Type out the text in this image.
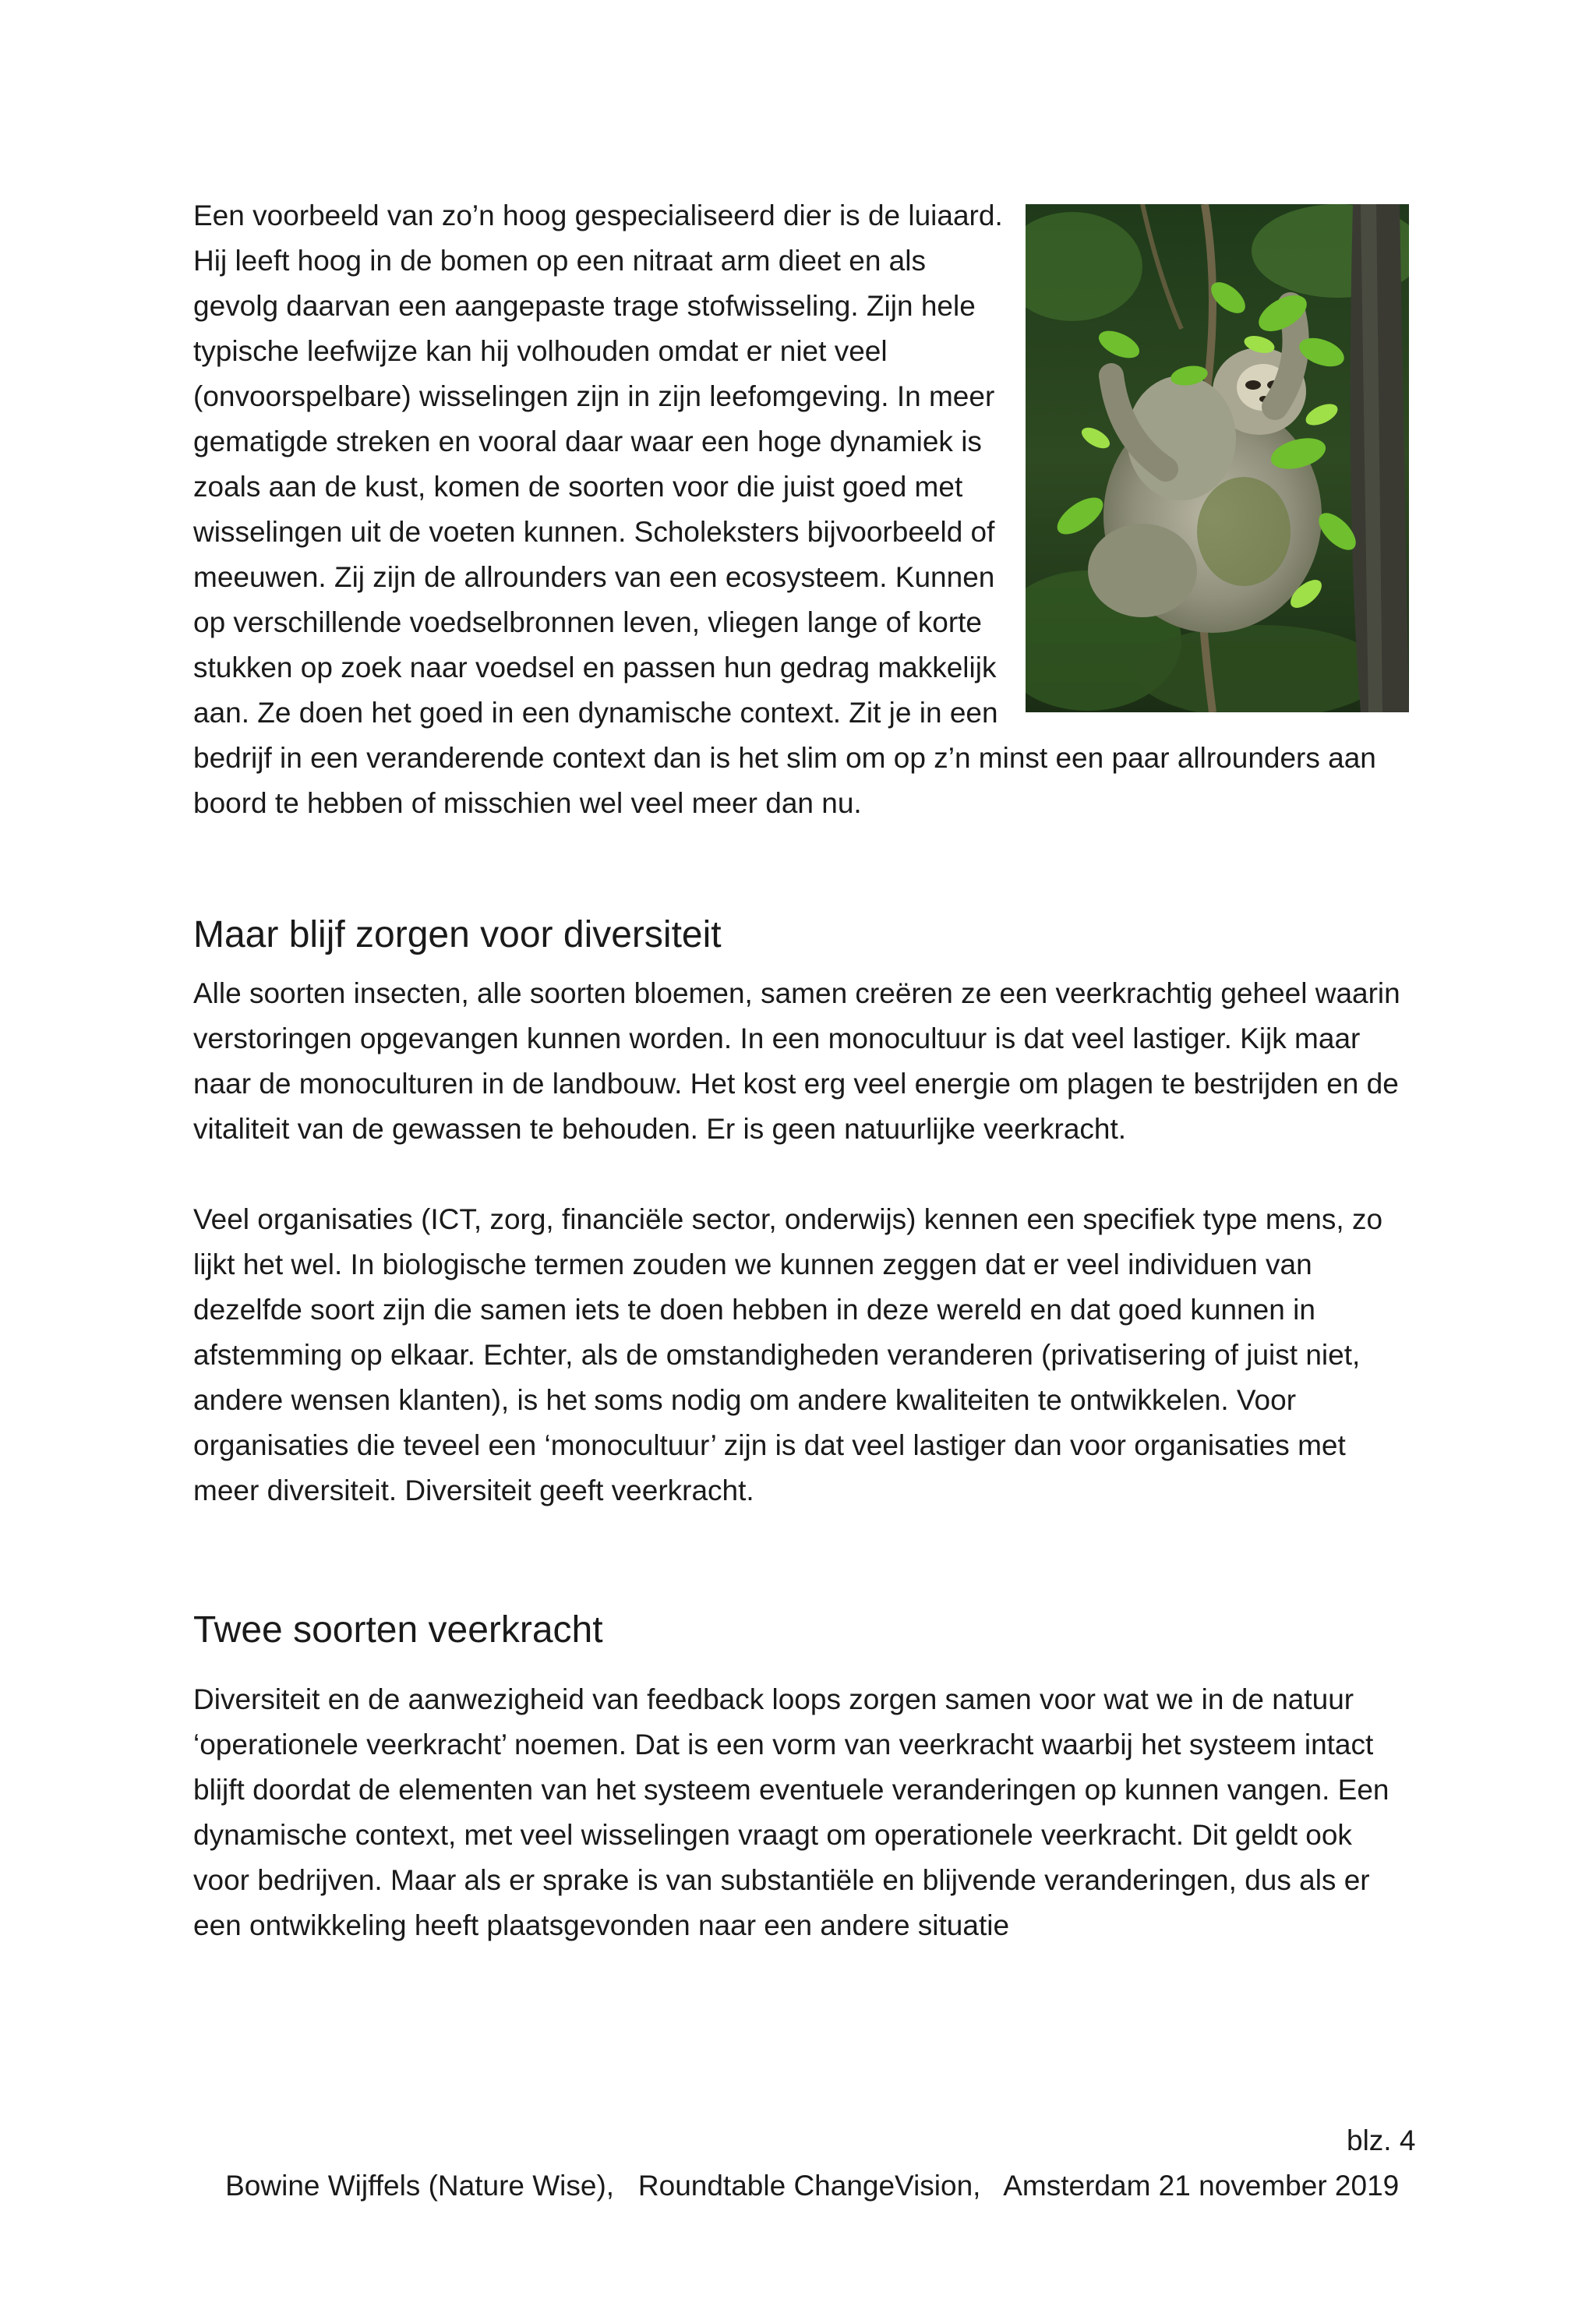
Een voorbeeld van zo’n hoog gespecialiseerd dier is de luiaard. Hij leeft hoog in de bomen op een nitraat arm dieet en als gevolg daarvan een aangepaste trage stofwisseling. Zijn hele typische leefwijze kan hij volhouden omdat er niet veel (onvoorspelbare) wisselingen zijn in zijn leefomgeving. In meer gematigde streken en vooral daar waar een hoge dynamiek is zoals aan de kust, komen de soorten voor die juist goed met wisselingen uit de voeten kunnen. Scholeksters bijvoorbeeld of meeuwen. Zij zijn de allrounders van een ecosysteem. Kunnen op verschillende voedselbronnen leven, vliegen lange of korte stukken op zoek naar voedsel en passen hun gedrag makkelijk aan. Ze doen het goed in een dynamische context. Zit je in een bedrijf in een veranderende context dan is het slim om op z’n minst een paar allrounders aan boord te hebben of misschien wel veel meer dan nu.

Maar blijf zorgen voor diversiteit

Alle soorten insecten, alle soorten bloemen, samen creëren ze een veerkrachtig geheel waarin verstoringen opgevangen kunnen worden. In een monocultuur is dat veel lastiger. Kijk maar naar de monoculturen in de landbouw. Het kost erg veel energie om plagen te bestrijden en de vitaliteit van de gewassen te behouden. Er is geen natuurlijke veerkracht.

Veel organisaties (ICT, zorg, financiële sector, onderwijs) kennen een specifiek type mens, zo lijkt het wel. In biologische termen zouden we kunnen zeggen dat er veel individuen van dezelfde soort zijn die samen iets te doen hebben in deze wereld en dat goed kunnen in afstemming op elkaar. Echter, als de omstandigheden veranderen (privatisering of juist niet, andere wensen klanten), is het soms nodig om andere kwaliteiten te ontwikkelen. Voor organisaties die teveel een ‘monocultuur’ zijn is dat veel lastiger dan voor organisaties met meer diversiteit. Diversiteit geeft veerkracht.

Twee soorten veerkracht

Diversiteit en de aanwezigheid van feedback loops zorgen samen voor wat we in de natuur ‘operationele veerkracht’ noemen. Dat is een vorm van veerkracht waarbij het systeem intact blijft doordat de elementen van het systeem eventuele veranderingen op kunnen vangen. Een dynamische context, met veel wisselingen vraagt om operationele veerkracht. Dit geldt ook voor bedrijven. Maar als er sprake is van substantiële en blijvende veranderingen, dus als er een ontwikkeling heeft plaatsgevonden naar een andere situatie

Bowine Wijffels (Nature Wise),   Roundtable ChangeVision,   Amsterdam 21 november 2019

blz. 4
